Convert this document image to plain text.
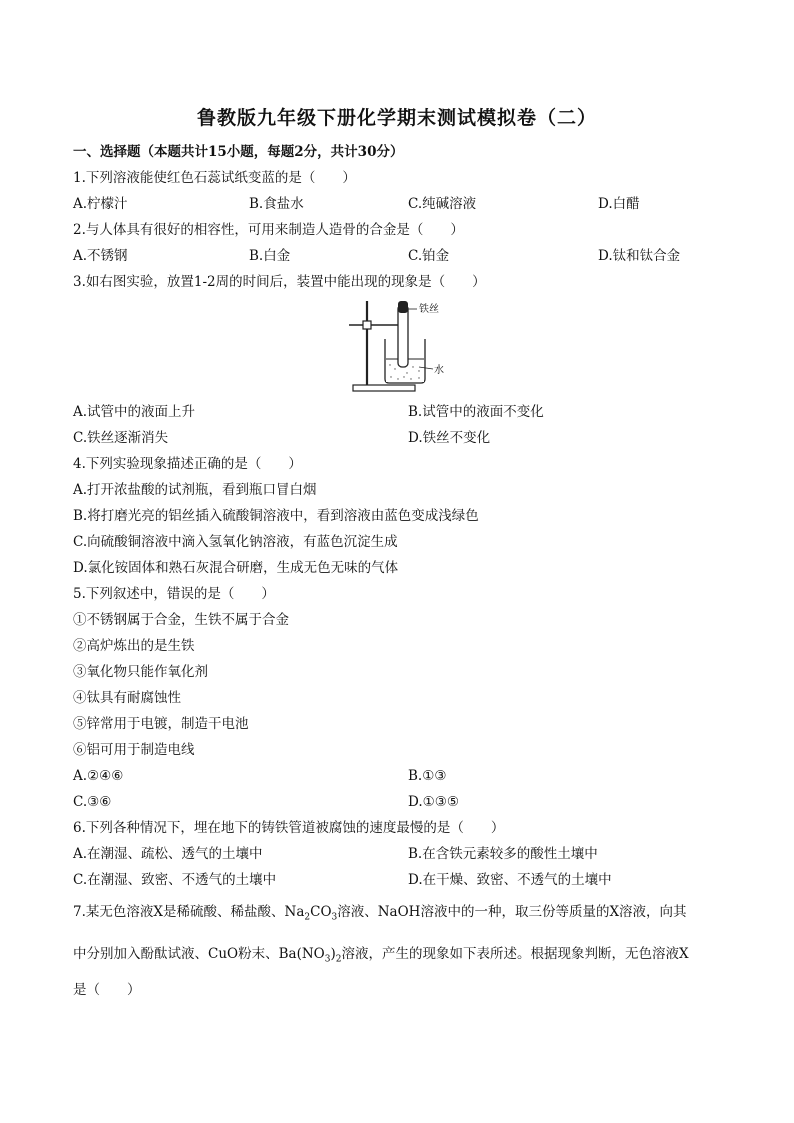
鲁教版九年级下册化学期末测试模拟卷（二）
一、选择题（本题共计15小题，每题2分，共计30分）
1.下列溶液能使红色石蕊试纸变蓝的是（　　）
A.柠檬汁	B.食盐水	C.纯碱溶液	D.白醋
2.与人体具有很好的相容性，可用来制造人造骨的合金是（　　）
A.不锈钢	B.白金	C.铂金	D.钛和钛合金
3.如右图实验，放置1-2周的时间后，装置中能出现的现象是（　　）
铁丝
水
A.试管中的液面上升	B.试管中的液面不变化
C.铁丝逐渐消失	D.铁丝不变化
4.下列实验现象描述正确的是（　　）
A.打开浓盐酸的试剂瓶，看到瓶口冒白烟
B.将打磨光亮的铝丝插入硫酸铜溶液中，看到溶液由蓝色变成浅绿色
C.向硫酸铜溶液中滴入氢氧化钠溶液，有蓝色沉淀生成
D.氯化铵固体和熟石灰混合研磨，生成无色无味的气体
5.下列叙述中，错误的是（　　）
①不锈钢属于合金，生铁不属于合金
②高炉炼出的是生铁
③氧化物只能作氧化剂
④钛具有耐腐蚀性
⑤锌常用于电镀，制造干电池
⑥铝可用于制造电线
A.②④⑥	B.①③
C.③⑥	D.①③⑤
6.下列各种情况下，埋在地下的铸铁管道被腐蚀的速度最慢的是（　　）
A.在潮湿、疏松、透气的土壤中	B.在含铁元素较多的酸性土壤中
C.在潮湿、致密、不透气的土壤中	D.在干燥、致密、不透气的土壤中
7.某无色溶液X是稀硫酸、稀盐酸、$Na_2CO_3$溶液、NaOH溶液中的一种，取三份等质量的X溶液，向其
中分别加入酚酞试液、CuO粉末、$Ba(NO_3)_2$溶液，产生的现象如下表所述。根据现象判断，无色溶液X
是（　　）
